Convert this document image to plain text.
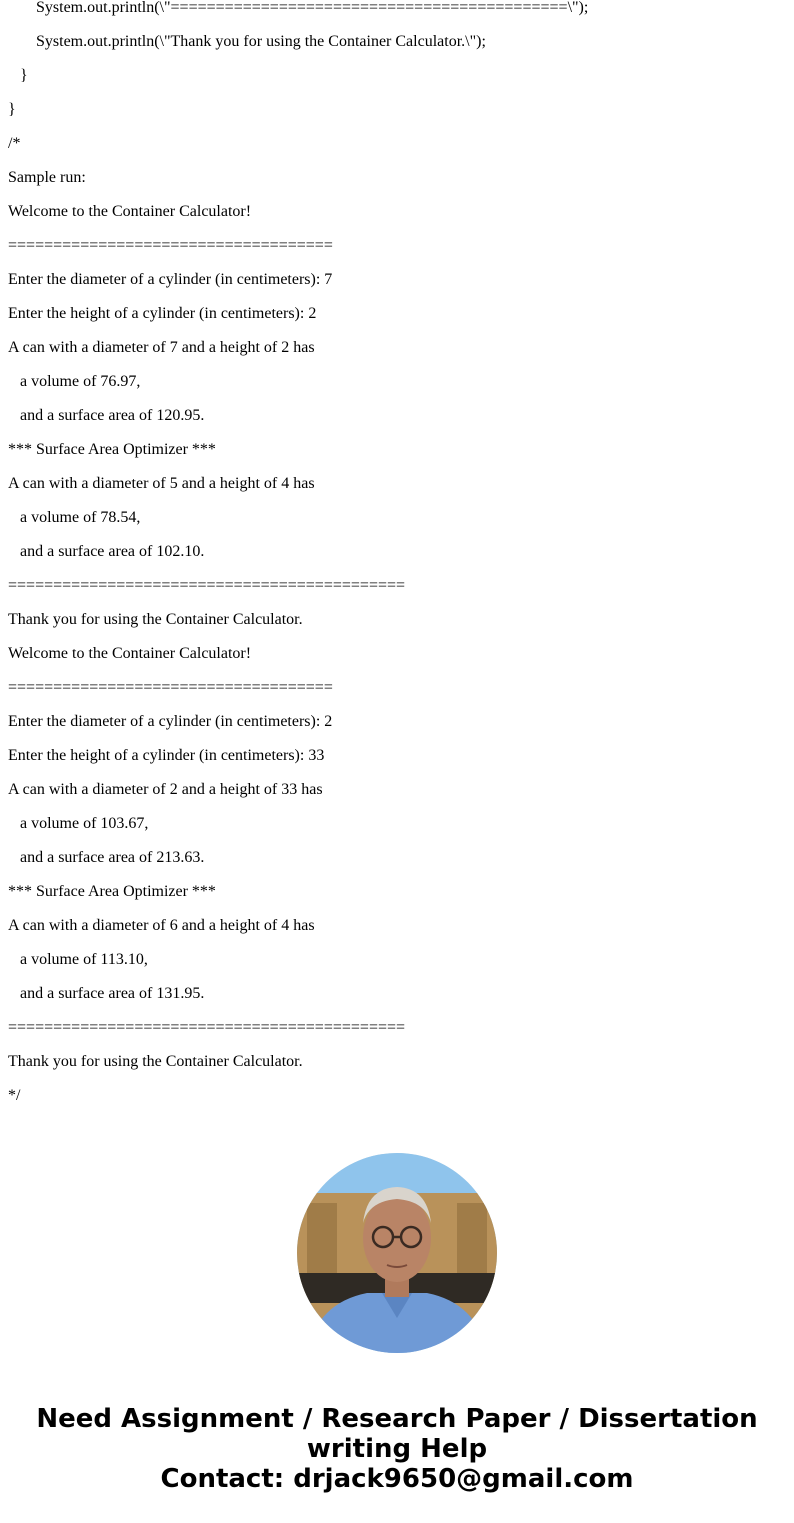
System.out.println(\"============================================\");
System.out.println(\"Thank you for using the Container Calculator.\");
}
}
/*
Sample run:
Welcome to the Container Calculator!
====================================
Enter the diameter of a cylinder (in centimeters): 7
Enter the height of a cylinder (in centimeters): 2
A can with a diameter of 7 and a height of 2 has
a volume of 76.97,
and a surface area of 120.95.
*** Surface Area Optimizer ***
A can with a diameter of 5 and a height of 4 has
a volume of 78.54,
and a surface area of 102.10.
============================================
Thank you for using the Container Calculator.
Welcome to the Container Calculator!
====================================
Enter the diameter of a cylinder (in centimeters): 2
Enter the height of a cylinder (in centimeters): 33
A can with a diameter of 2 and a height of 33 has
a volume of 103.67,
and a surface area of 213.63.
*** Surface Area Optimizer ***
A can with a diameter of 6 and a height of 4 has
a volume of 113.10,
and a surface area of 131.95.
============================================
Thank you for using the Container Calculator.
*/
Need Assignment / Research Paper / Dissertation
writing Help
Contact: drjack9650@gmail.com
